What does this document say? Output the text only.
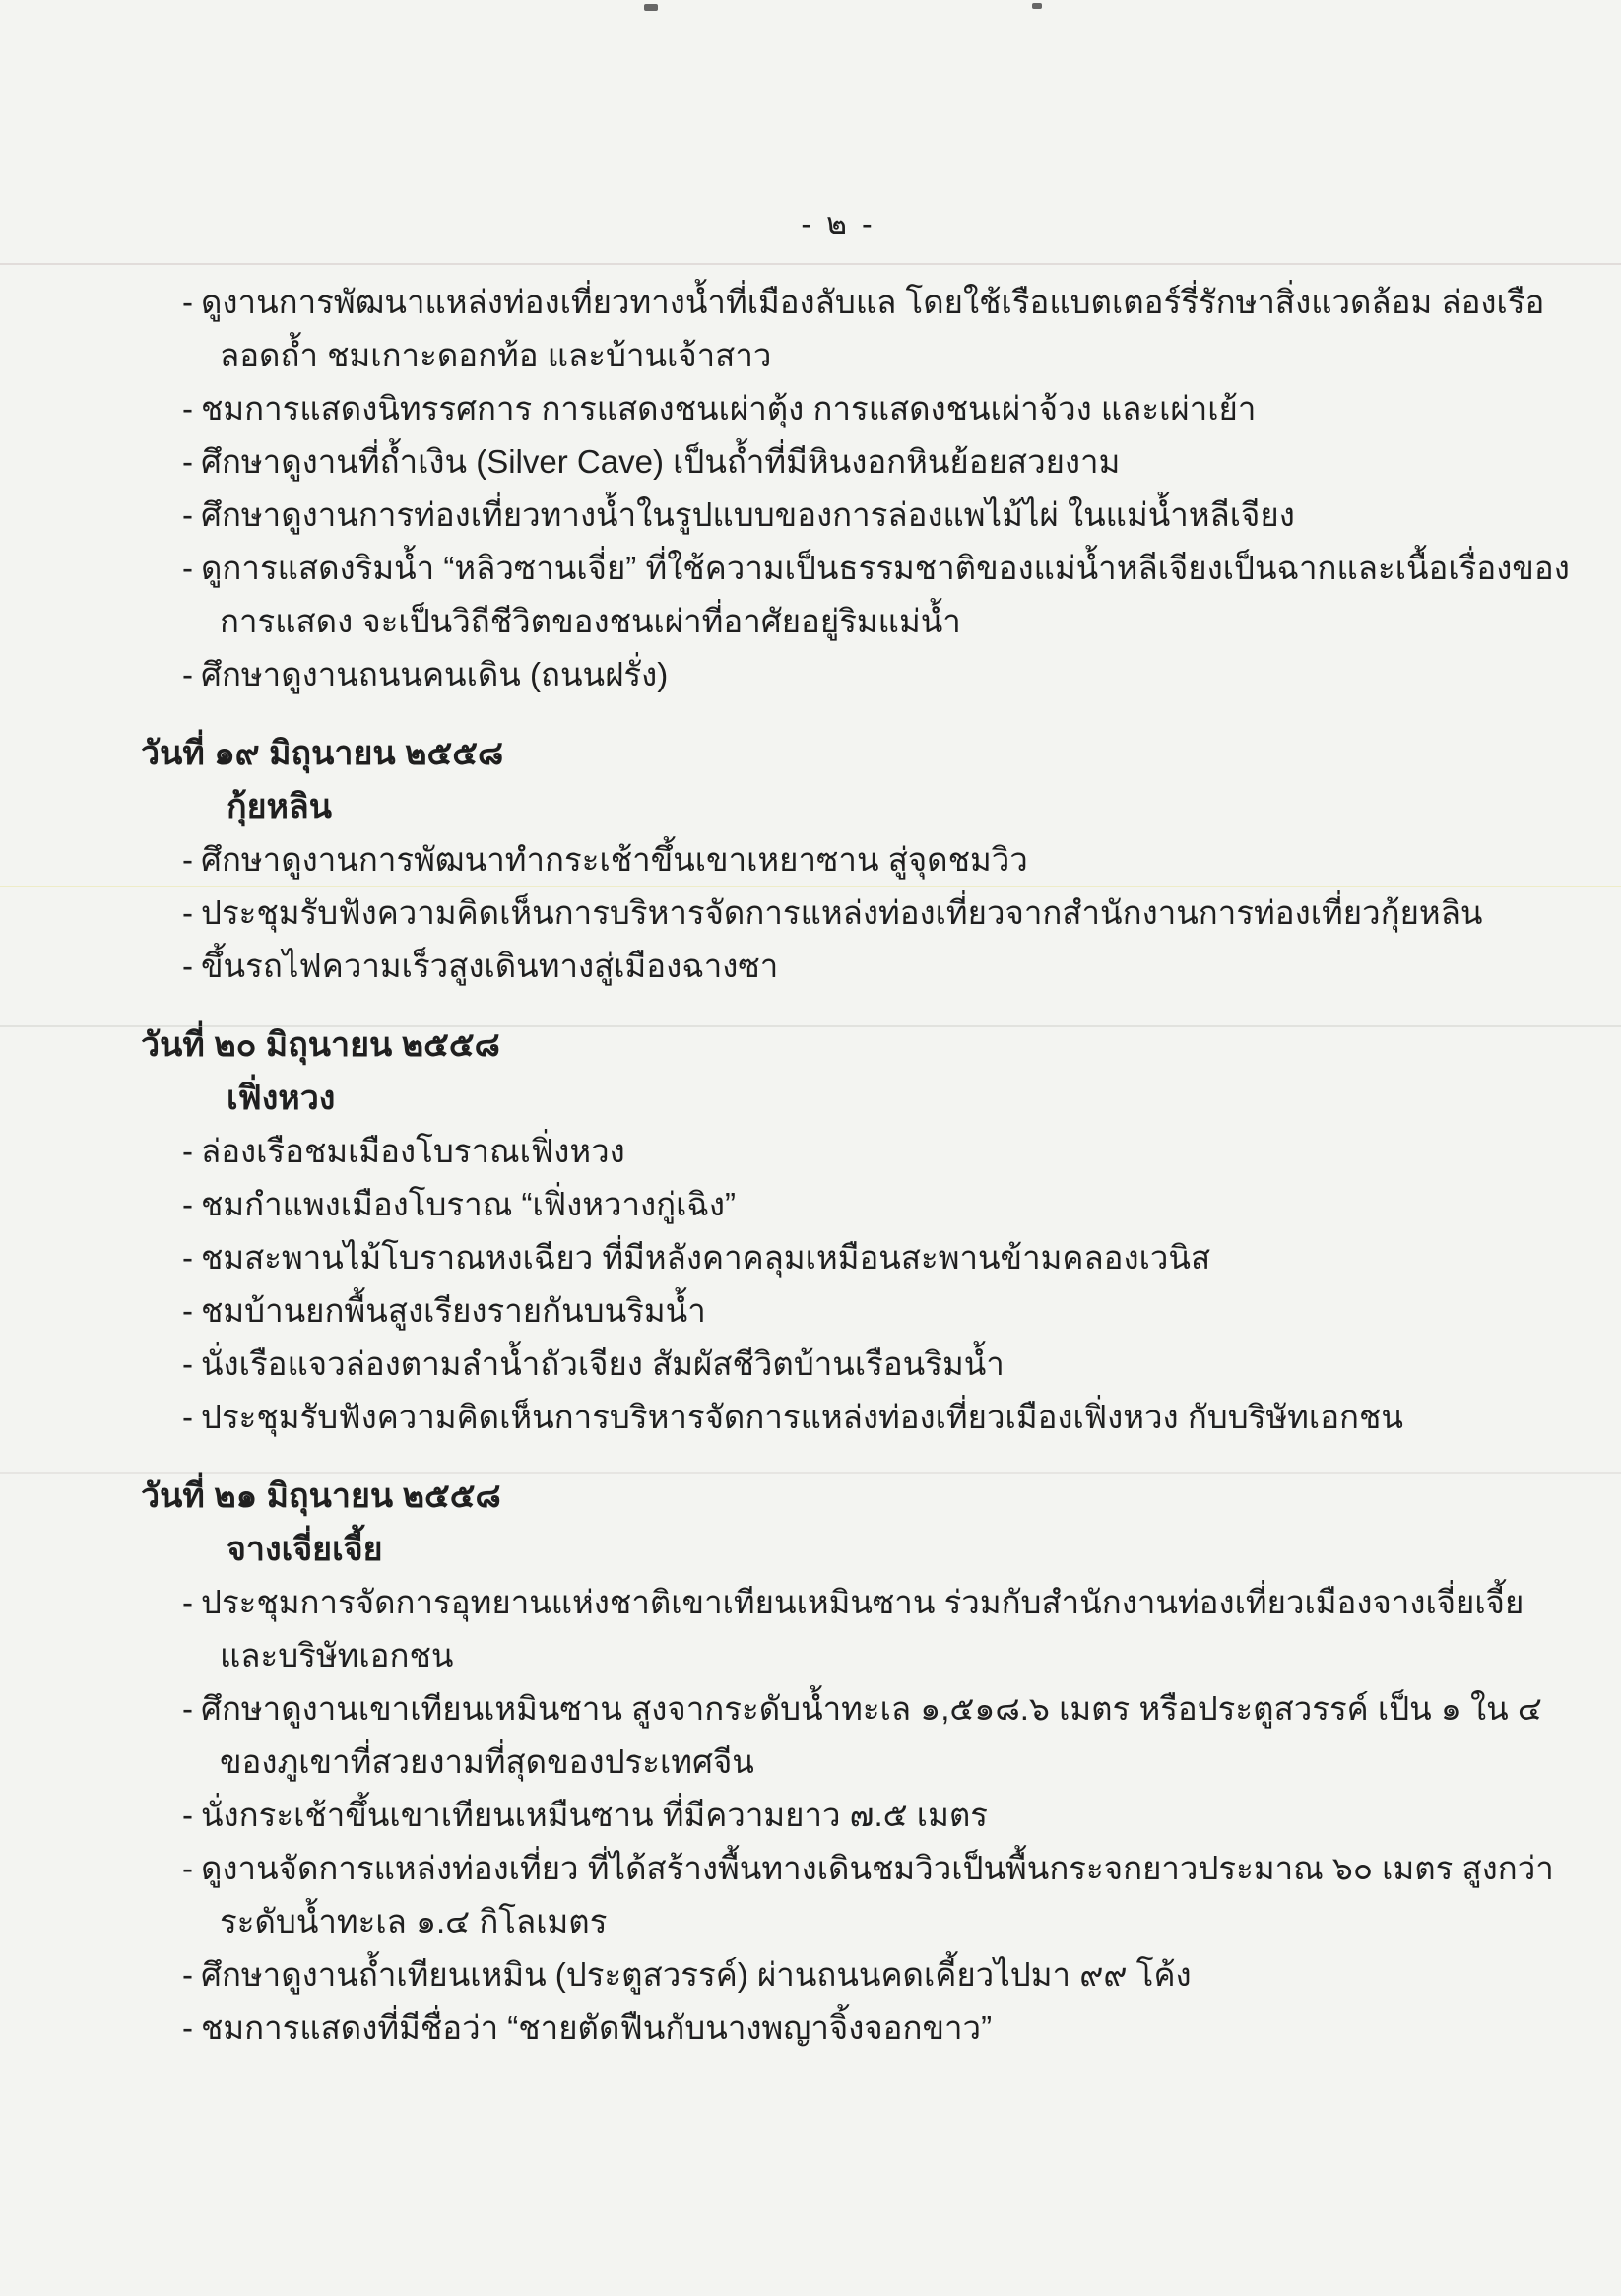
- ๒ -
- ดูงานการพัฒนาแหล่งท่องเที่ยวทางน้ำที่เมืองลับแล โดยใช้เรือแบตเตอร์รี่รักษาสิ่งแวดล้อม ล่องเรือ
ลอดถ้ำ ชมเกาะดอกท้อ และบ้านเจ้าสาว
- ชมการแสดงนิทรรศการ การแสดงชนเผ่าตุ้ง การแสดงชนเผ่าจ้วง และเผ่าเย้า
- ศึกษาดูงานที่ถ้ำเงิน (Silver Cave) เป็นถ้ำที่มีหินงอกหินย้อยสวยงาม
- ศึกษาดูงานการท่องเที่ยวทางน้ำในรูปแบบของการล่องแพไม้ไผ่ ในแม่น้ำหลีเจียง
- ดูการแสดงริมน้ำ “หลิวซานเจี่ย” ที่ใช้ความเป็นธรรมชาติของแม่น้ำหลีเจียงเป็นฉากและเนื้อเรื่องของ
การแสดง จะเป็นวิถีชีวิตของชนเผ่าที่อาศัยอยู่ริมแม่น้ำ
- ศึกษาดูงานถนนคนเดิน (ถนนฝรั่ง)
วันที่ ๑๙ มิถุนายน ๒๕๕๘
กุ้ยหลิน
- ศึกษาดูงานการพัฒนาทำกระเช้าขึ้นเขาเหยาซาน สู่จุดชมวิว
- ประชุมรับฟังความคิดเห็นการบริหารจัดการแหล่งท่องเที่ยวจากสำนักงานการท่องเที่ยวกุ้ยหลิน
- ขึ้นรถไฟความเร็วสูงเดินทางสู่เมืองฉางซา
วันที่ ๒๐ มิถุนายน ๒๕๕๘
เฟิ่งหวง
- ล่องเรือชมเมืองโบราณเฟิ่งหวง
- ชมกำแพงเมืองโบราณ “เฟิ่งหวางกู่เฉิง”
- ชมสะพานไม้โบราณหงเฉียว ที่มีหลังคาคลุมเหมือนสะพานข้ามคลองเวนิส
- ชมบ้านยกพื้นสูงเรียงรายกันบนริมน้ำ
- นั่งเรือแจวล่องตามลำน้ำถัวเจียง สัมผัสชีวิตบ้านเรือนริมน้ำ
- ประชุมรับฟังความคิดเห็นการบริหารจัดการแหล่งท่องเที่ยวเมืองเฟิ่งหวง กับบริษัทเอกชน
วันที่ ๒๑ มิถุนายน ๒๕๕๘
จางเจี่ยเจี้ย
- ประชุมการจัดการอุทยานแห่งชาติเขาเทียนเหมินซาน ร่วมกับสำนักงานท่องเที่ยวเมืองจางเจี่ยเจี้ย
และบริษัทเอกชน
- ศึกษาดูงานเขาเทียนเหมินซาน สูงจากระดับน้ำทะเล ๑,๕๑๘.๖ เมตร หรือประตูสวรรค์ เป็น ๑ ใน ๔
ของภูเขาที่สวยงามที่สุดของประเทศจีน
- นั่งกระเช้าขึ้นเขาเทียนเหมืนซาน ที่มีความยาว ๗.๕ เมตร
- ดูงานจัดการแหล่งท่องเที่ยว ที่ได้สร้างพื้นทางเดินชมวิวเป็นพื้นกระจกยาวประมาณ ๖๐ เมตร สูงกว่า
ระดับน้ำทะเล ๑.๔ กิโลเมตร
- ศึกษาดูงานถ้ำเทียนเหมิน (ประตูสวรรค์) ผ่านถนนคดเคี้ยวไปมา ๙๙ โค้ง
- ชมการแสดงที่มีชื่อว่า “ชายตัดฟืนกับนางพญาจิ้งจอกขาว”
